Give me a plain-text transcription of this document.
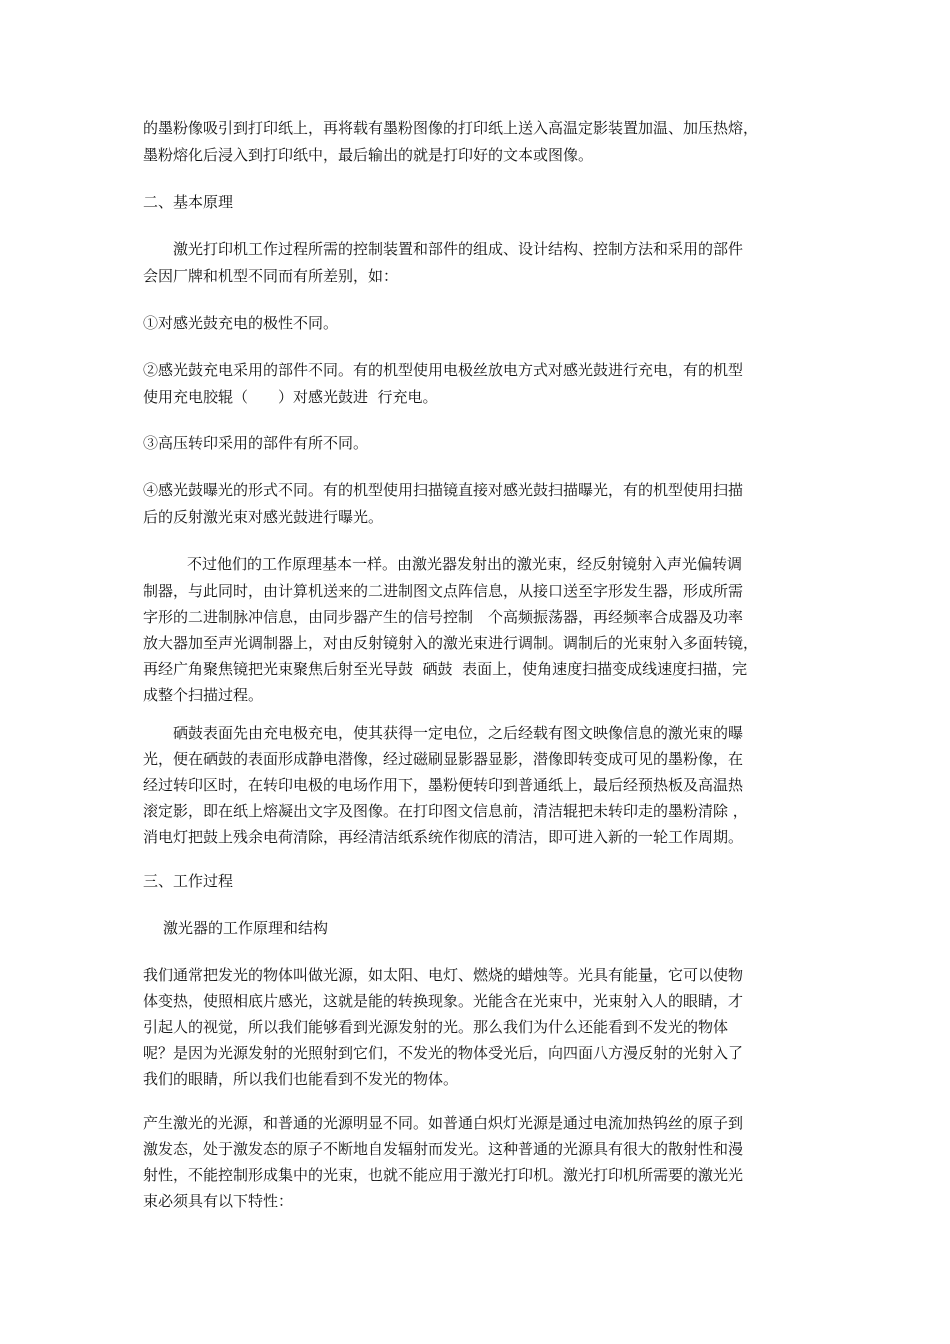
的墨粉像吸引到打印纸上，再将载有墨粉图像的打印纸上送入高温定影装置加温、加压热熔，
墨粉熔化后浸入到打印纸中，最后输出的就是打印好的文本或图像。
二、基本原理
激光打印机工作过程所需的控制装置和部件的组成、设计结构、控制方法和采用的部件
会因厂牌和机型不同而有所差别，如：
①对感光鼓充电的极性不同。
②感光鼓充电采用的部件不同。有的机型使用电极丝放电方式对感光鼓进行充电，有的机型
使用充电胶辊（　　）对感光鼓进  行充电。
③高压转印采用的部件有所不同。
④感光鼓曝光的形式不同。有的机型使用扫描镜直接对感光鼓扫描曝光，有的机型使用扫描
后的反射激光束对感光鼓进行曝光。
不过他们的工作原理基本一样。由激光器发射出的激光束，经反射镜射入声光偏转调
制器，与此同时，由计算机送来的二进制图文点阵信息，从接口送至字形发生器，形成所需
字形的二进制脉冲信息，由同步器产生的信号控制　个高频振荡器，再经频率合成器及功率
放大器加至声光调制器上，对由反射镜射入的激光束进行调制。调制后的光束射入多面转镜，
再经广角聚焦镜把光束聚焦后射至光导鼓  硒鼓  表面上，使角速度扫描变成线速度扫描，完
成整个扫描过程。
硒鼓表面先由充电极充电，使其获得一定电位，之后经载有图文映像信息的激光束的曝
光，便在硒鼓的表面形成静电潜像，经过磁刷显影器显影，潜像即转变成可见的墨粉像，在
经过转印区时，在转印电极的电场作用下，墨粉便转印到普通纸上，最后经预热板及高温热
滚定影，即在纸上熔凝出文字及图像。在打印图文信息前，清洁辊把未转印走的墨粉清除 ，
消电灯把鼓上残余电荷清除，再经清洁纸系统作彻底的清洁，即可进入新的一轮工作周期。
三、工作过程
激光器的工作原理和结构
我们通常把发光的物体叫做光源，如太阳、电灯、燃烧的蜡烛等。光具有能量，它可以使物
体变热，使照相底片感光，这就是能的转换现象。光能含在光束中，光束射入人的眼睛，才
引起人的视觉，所以我们能够看到光源发射的光。那么我们为什么还能看到不发光的物体
呢？是因为光源发射的光照射到它们，不发光的物体受光后，向四面八方漫反射的光射入了
我们的眼睛，所以我们也能看到不发光的物体。
产生激光的光源，和普通的光源明显不同。如普通白炽灯光源是通过电流加热钨丝的原子到
激发态，处于激发态的原子不断地自发辐射而发光。这种普通的光源具有很大的散射性和漫
射性，不能控制形成集中的光束，也就不能应用于激光打印机。激光打印机所需要的激光光
束必须具有以下特性：
